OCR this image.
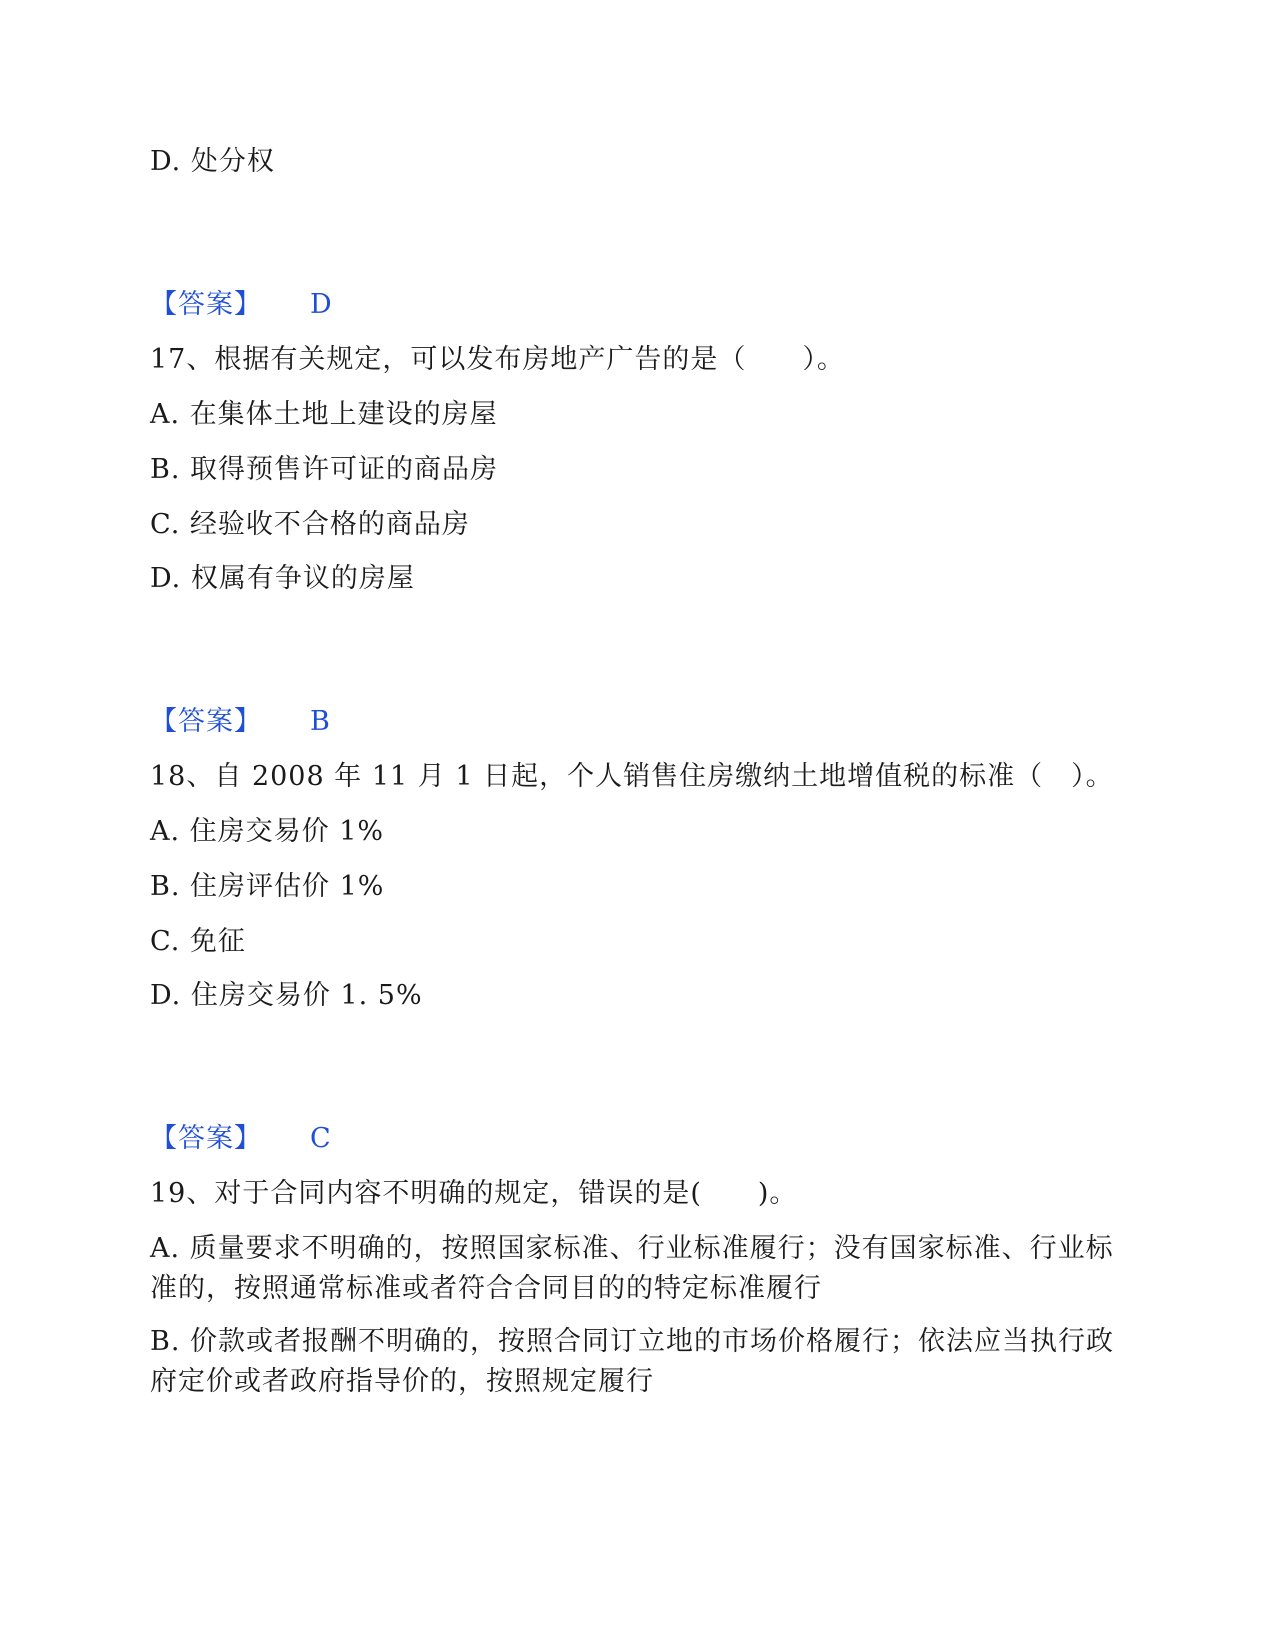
D. 处分权
【答案】 D
17、根据有关规定，可以发布房地产广告的是（　　）。
A. 在集体土地上建设的房屋
B. 取得预售许可证的商品房
C. 经验收不合格的商品房
D. 权属有争议的房屋
【答案】 B
18、自 2008 年 11 月 1 日起，个人销售住房缴纳土地增值税的标准（　）。
A. 住房交易价 1%
B. 住房评估价 1%
C. 免征
D. 住房交易价 1. 5%
【答案】 C
19、对于合同内容不明确的规定，错误的是(　　)。
A. 质量要求不明确的，按照国家标准、行业标准履行；没有国家标准、行业标准的，按照通常标准或者符合合同目的的特定标准履行
B. 价款或者报酬不明确的，按照合同订立地的市场价格履行；依法应当执行政府定价或者政府指导价的，按照规定履行
